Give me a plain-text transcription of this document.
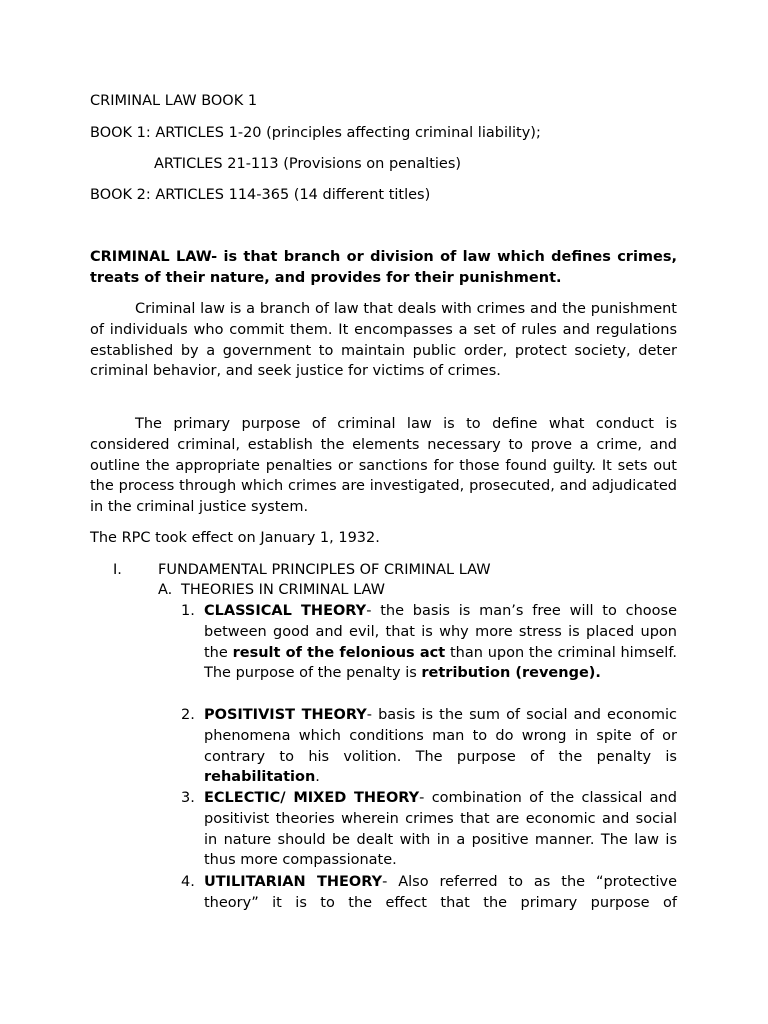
CRIMINAL LAW BOOK 1
BOOK 1: ARTICLES 1-20 (principles affecting criminal liability);
ARTICLES 21-113 (Provisions on penalties)
BOOK 2: ARTICLES 114-365 (14 different titles)
CRIMINAL LAW- is that branch or division of law which defines crimes, treats of their nature, and provides for their punishment.
Criminal law is a branch of law that deals with crimes and the punishment of individuals who commit them. It encompasses a set of rules and regulations established by a government to maintain public order, protect society, deter criminal behavior, and seek justice for victims of crimes.
The primary purpose of criminal law is to define what conduct is considered criminal, establish the elements necessary to prove a crime, and outline the appropriate penalties or sanctions for those found guilty. It sets out the process through which crimes are investigated, prosecuted, and adjudicated in the criminal justice system.
The RPC took effect on January 1, 1932.
I. FUNDAMENTAL PRINCIPLES OF CRIMINAL LAW
A. THEORIES IN CRIMINAL LAW
1. CLASSICAL THEORY- the basis is man’s free will to choose between good and evil, that is why more stress is placed upon the result of the felonious act than upon the criminal himself. The purpose of the penalty is retribution (revenge).
2. POSITIVIST THEORY- basis is the sum of social and economic phenomena which conditions man to do wrong in spite of or contrary to his volition. The purpose of the penalty is rehabilitation.
3. ECLECTIC/ MIXED THEORY- combination of the classical and positivist theories wherein crimes that are economic and social in nature should be dealt with in a positive manner. The law is thus more compassionate.
4. UTILITARIAN THEORY- Also referred to as the “protective theory” it is to the effect that the primary purpose of
